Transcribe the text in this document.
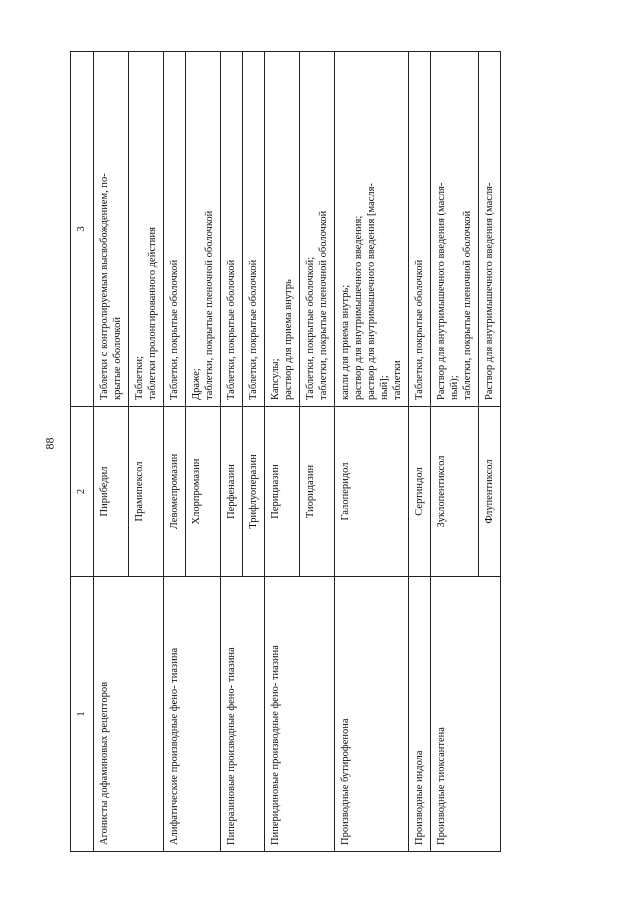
88
1	2	3
Агонисты дофаминовых рецепторов	Пирибедил	Таблетки с контролируемым высвобождением, по- крытые оболочкой

	Прамипексол	Таблетки; таблетки пролонгированного действия

Алифатические производные фено- тиазина	Левомепромазин	Таблетки, покрытые оболочкой

	Хлорпромазин	Драже; таблетки, покрытые пленочной оболочкой

Пиперазиновые производные фено- тиазина	Перфеназин	Таблетки, покрытые оболочкой

	Трифлуоперазин	Таблетки, покрытые оболочкой

Пиперидиновые производные фено- тиазина	Перициазин	Капсулы; раствор для приема внутрь

	Тиоридазин	Таблетки, покрытые оболочкой; таблетки, покрытые пленочной оболочкой

Производные бутирофенона	Галоперидол	капли для приема внутрь; раствор для внутримышечного введения; раствор для внутримышечного введения [масля- ный]; таблетки

Производные индола	Сертиндол	Таблетки, покрытые оболочкой

Производные тиоксантена	Зуклопентиксол	Раствор для внутримышечного введения (масля- ный); таблетки, покрытые пленочной оболочкой

	Флупентиксол	Раствор для внутримышечного введения (масля-
